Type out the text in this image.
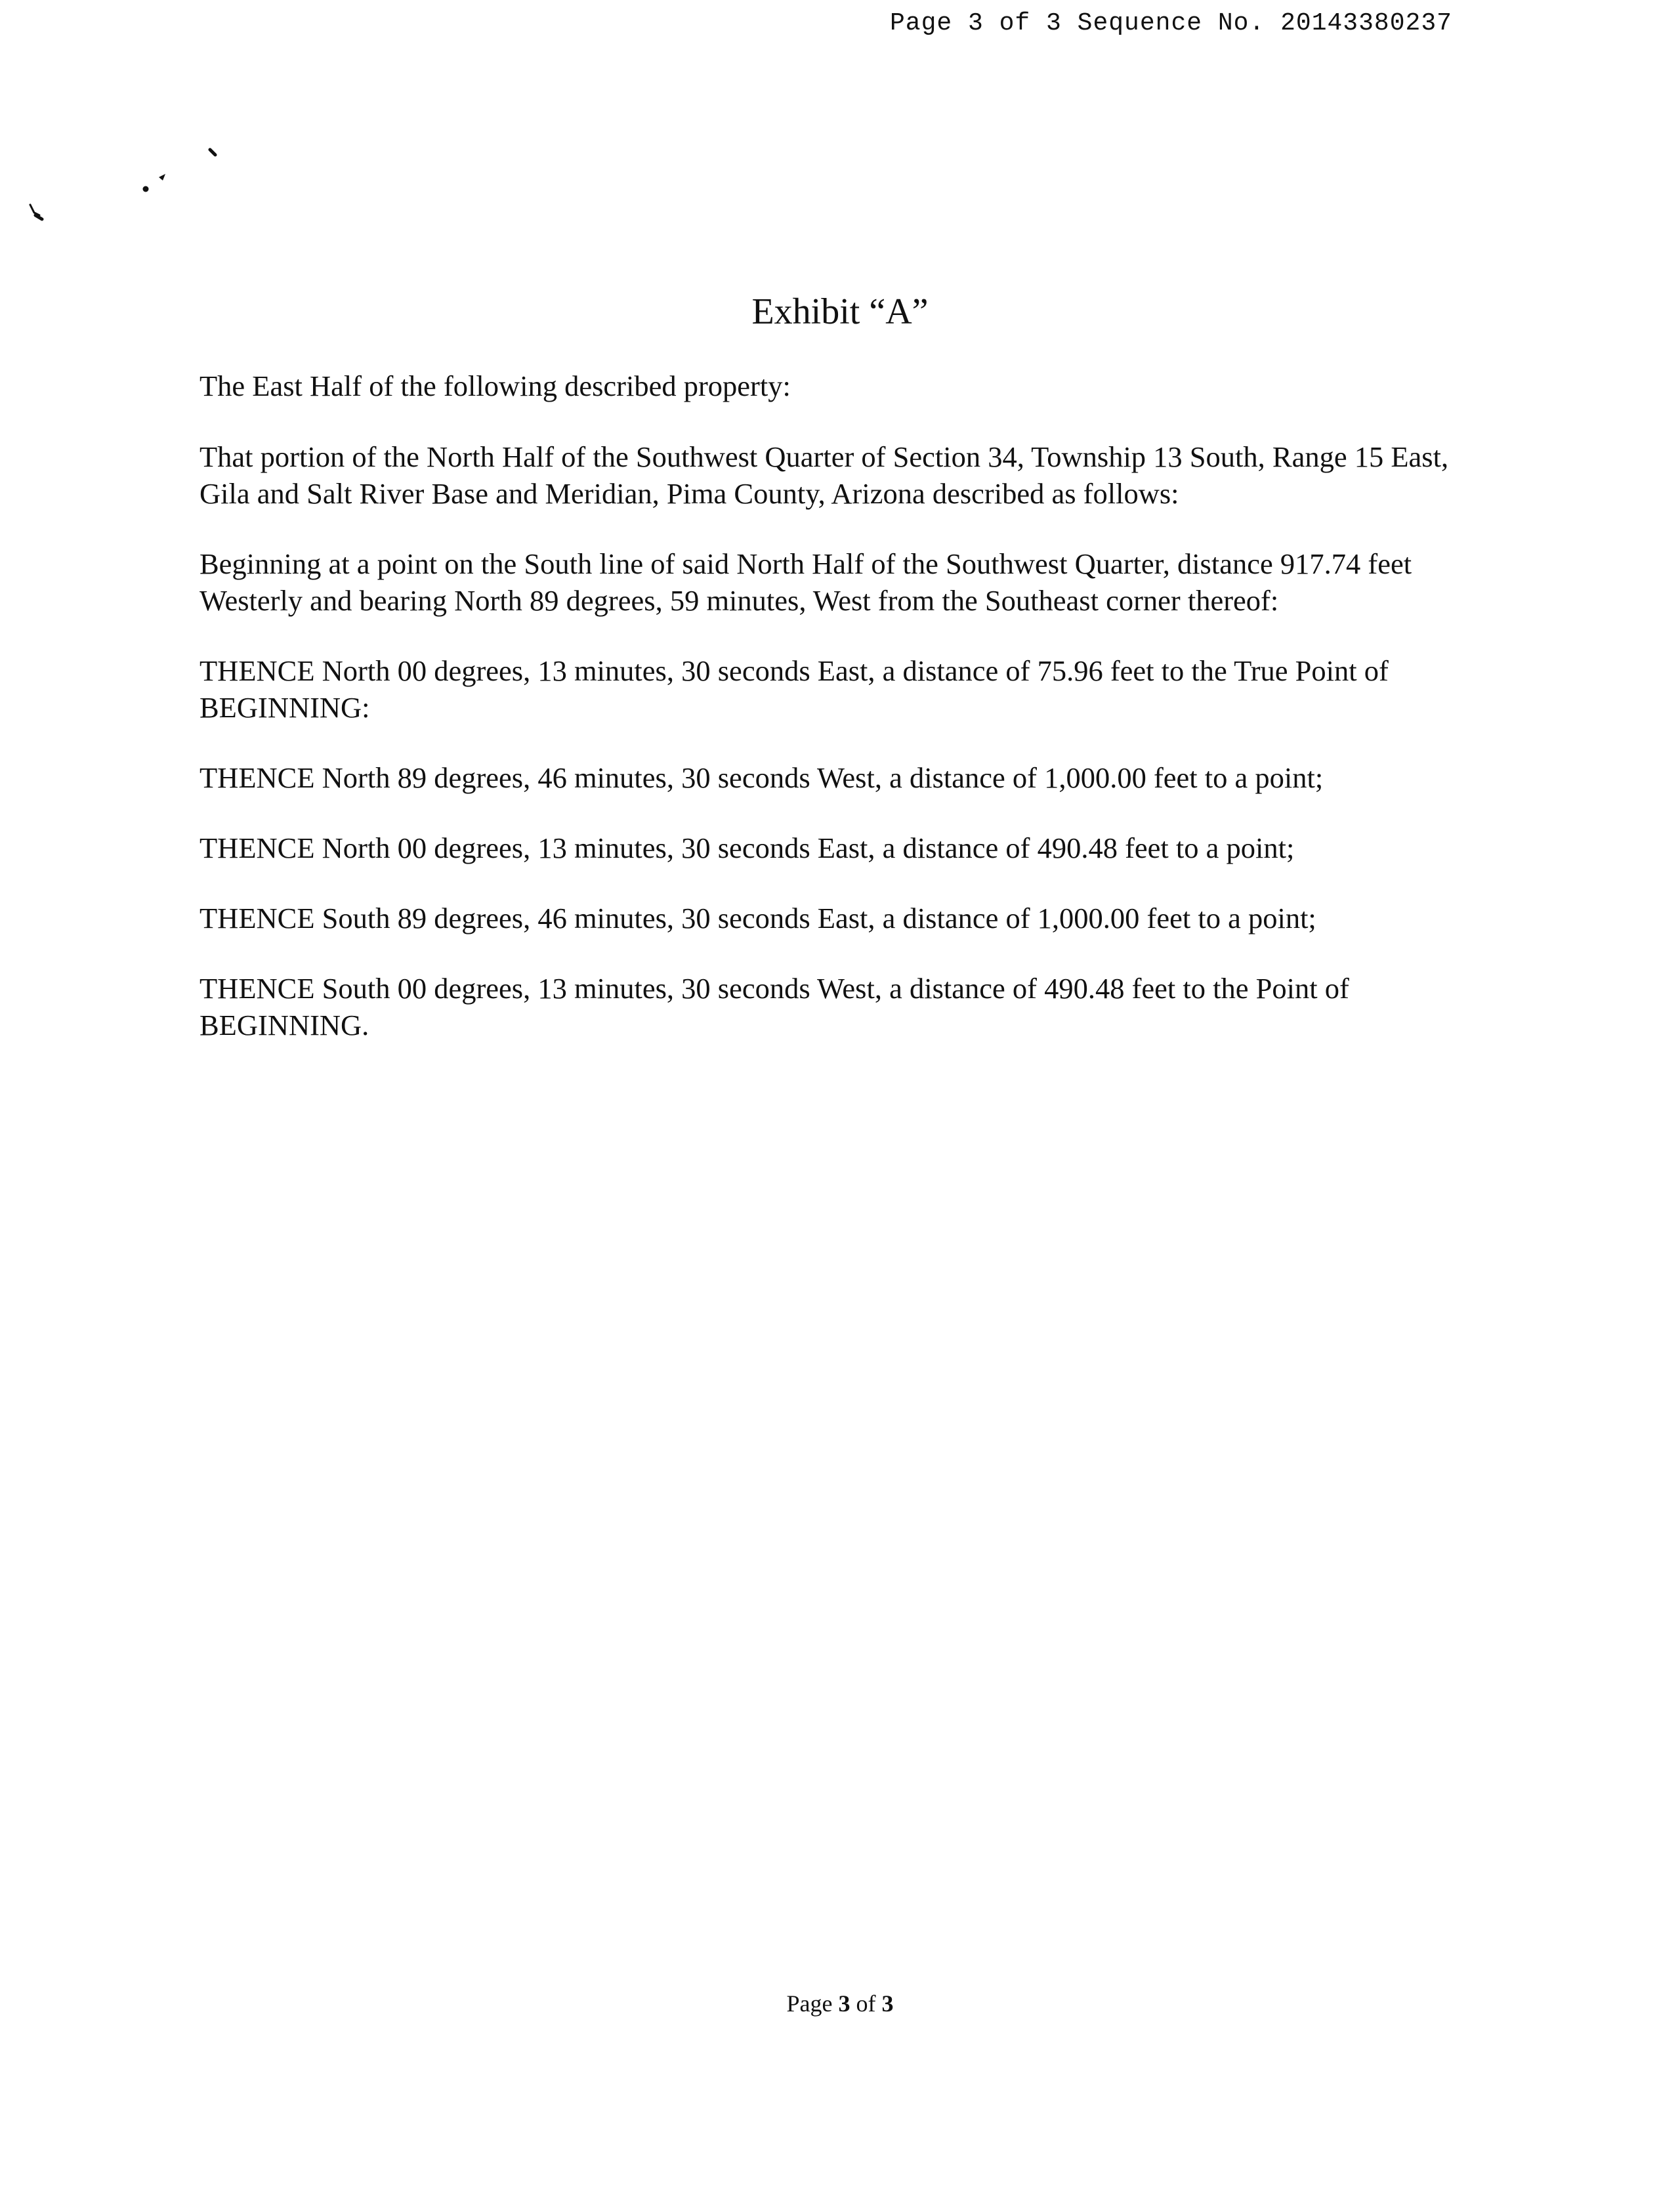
Page 3 of 3 Sequence No. 20143380237
Exhibit “A”

The East Half of the following described property:

That portion of the North Half of the Southwest Quarter of Section 34, Township 13 South, Range 15 East, Gila and Salt River Base and Meridian, Pima County, Arizona described as follows:

Beginning at a point on the South line of said North Half of the Southwest Quarter, distance 917.74 feet Westerly and bearing North 89 degrees, 59 minutes, West from the Southeast corner thereof:

THENCE North 00 degrees, 13 minutes, 30 seconds East, a distance of 75.96 feet to the True Point of BEGINNING:

THENCE North 89 degrees, 46 minutes, 30 seconds West, a distance of 1,000.00 feet to a point;

THENCE North 00 degrees, 13 minutes, 30 seconds East, a distance of 490.48 feet to a point;

THENCE South 89 degrees, 46 minutes, 30 seconds East, a distance of 1,000.00 feet to a point;

THENCE South 00 degrees, 13 minutes, 30 seconds West, a distance of 490.48 feet to the Point of BEGINNING.

Page 3 of 3
